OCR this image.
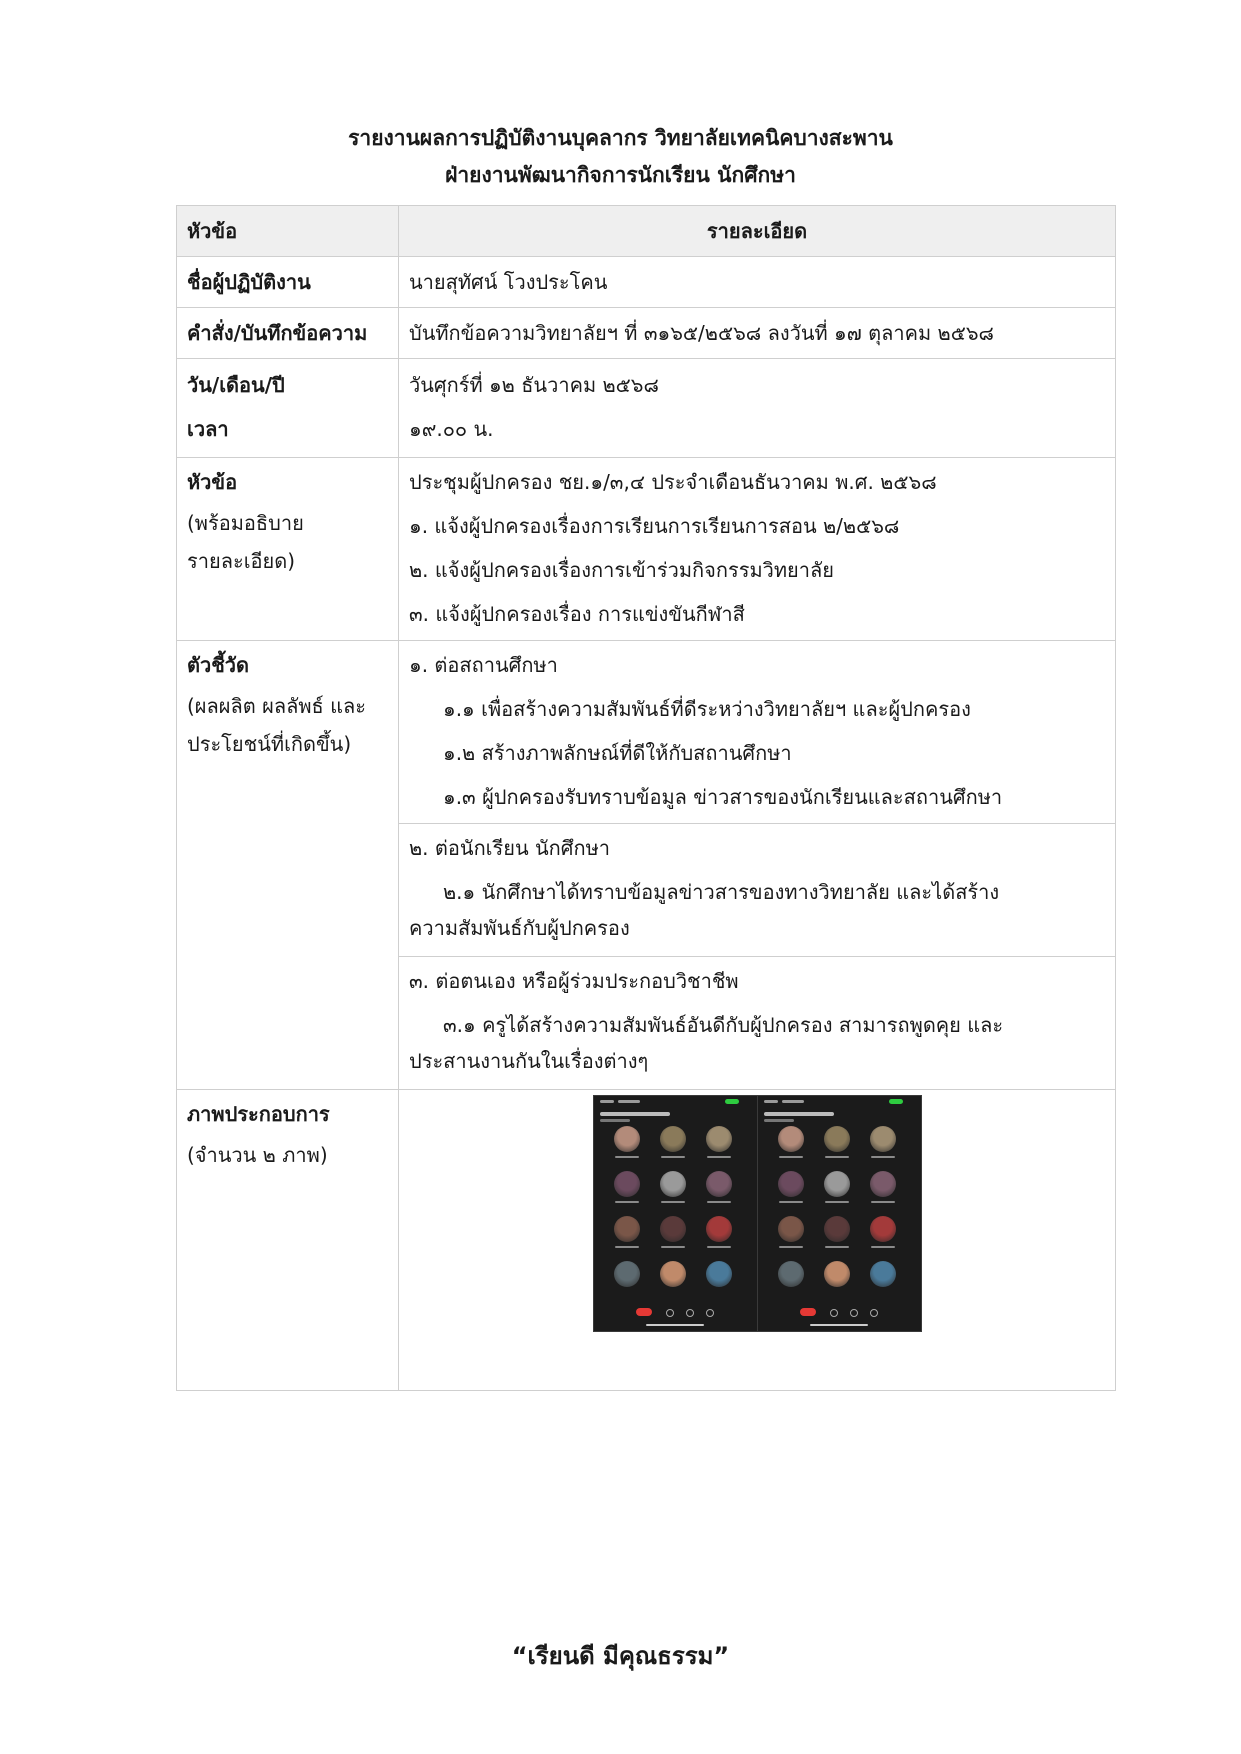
รายงานผลการปฏิบัติงานบุคลากร วิทยาลัยเทคนิคบางสะพาน
ฝ่ายงานพัฒนากิจการนักเรียน นักศึกษา
หัวข้อ	รายละเอียด

ชื่อผู้ปฏิบัติงาน	นายสุทัศน์ โวงประโคน

คำสั่ง/บันทึกข้อความ	บันทึกข้อความวิทยาลัยฯ ที่ ๓๑๖๕/๒๕๖๘ ลงวันที่ ๑๗ ตุลาคม ๒๕๖๘

วัน/เดือน/ปี
เวลา	วันศุกร์ที่ ๑๒ ธันวาคม ๒๕๖๘
๑๙.๐๐ น.

หัวข้อ
(พร้อมอธิบาย
รายละเอียด)	ประชุมผู้ปกครอง ชย.๑/๓,๔ ประจำเดือนธันวาคม พ.ศ. ๒๕๖๘
๑. แจ้งผู้ปกครองเรื่องการเรียนการเรียนการสอน ๒/๒๕๖๘
๒. แจ้งผู้ปกครองเรื่องการเข้าร่วมกิจกรรมวิทยาลัย
๓. แจ้งผู้ปกครองเรื่อง การแข่งขันกีฬาสี

ตัวชี้วัด
(ผลผลิต ผลลัพธ์ และ
ประโยชน์ที่เกิดขึ้น)	๑. ต่อสถานศึกษา
๑.๑ เพื่อสร้างความสัมพันธ์ที่ดีระหว่างวิทยาลัยฯ และผู้ปกครอง
๑.๒ สร้างภาพลักษณ์ที่ดีให้กับสถานศึกษา
๑.๓ ผู้ปกครองรับทราบข้อมูล ข่าวสารของนักเรียนและสถานศึกษา

	๒. ต่อนักเรียน นักศึกษา
๒.๑ นักศึกษาได้ทราบข้อมูลข่าวสารของทางวิทยาลัย และได้สร้าง
ความสัมพันธ์กับผู้ปกครอง

	๓. ต่อตนเอง หรือผู้ร่วมประกอบวิชาชีพ
๓.๑ ครูได้สร้างความสัมพันธ์อันดีกับผู้ปกครอง สามารถพูดคุย และ
ประสานงานกันในเรื่องต่างๆ

ภาพประกอบการ
(จำนวน ๒ ภาพ)	

“เรียนดี มีคุณธรรม”
